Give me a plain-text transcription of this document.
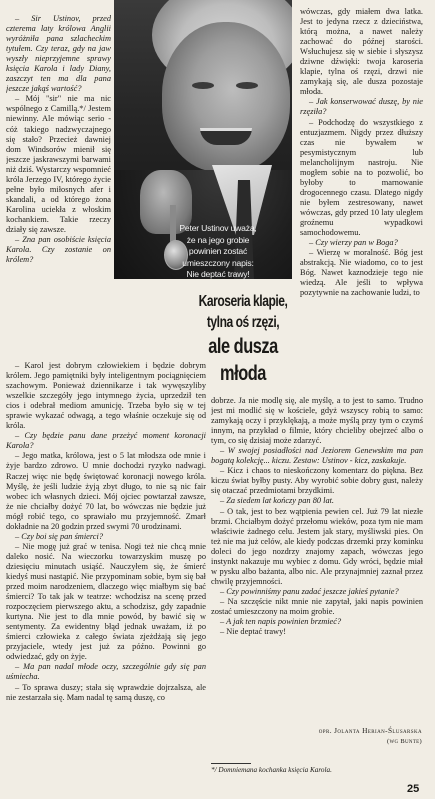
– Sir Ustinov, przed czterema laty królowa Anglii wyróżniła pana szlacheckim tytułem. Czy teraz, gdy na jaw wyszły nieprzyjemne sprawy księcia Karola i lady Diany, zaszczyt ten ma dla pana jeszcze jakąś wartość?

– Mój "sir" nie ma nic wspólnego z Camillą.*/ Jestem niewinny. Ale mówiąc serio - cóż takiego nadzwyczajnego się stało? Przecież dawniej dom Windsorów mienił się jeszcze jaskrawszymi barwami niż dziś. Wystarczy wspomnieć króla Jerzego IV, którego życie pełne było miłosnych afer i skandali, a od którego żona Karolina uciekła z włoskim kochankiem. Takie rzeczy działy się zawsze.

– Zna pan osobiście księcia Karola. Czy zostanie on królem?

Peter Ustinov uważa,
że na jego grobie
powinien zostać
umieszczony napis:
Nie deptać trawy!
Karoseria klapie,
tylna oś rzęzi,
ale dusza młoda

– Karol jest dobrym człowiekiem i będzie dobrym królem. Jego pamiętniki były inteligentnym pociągnięciem szachowym. Ponieważ dziennikarze i tak wywęszyliby wszelkie szczegóły jego intymnego życia, uprzedził ten cios i odebrał mediom amunicję. Trzeba było się w tej sprawie wykazać odwagą, a tego właśnie oczekuje się od króla.

– Czy będzie panu dane przeżyć moment koronacji Karola?

– Jego matka, królowa, jest o 5 lat młodsza ode mnie i żyje bardzo zdrowo. U mnie dochodzi ryzyko nadwagi. Raczej więc nie będę świętować koronacji nowego króla. Myślę, że jeśli ludzie żyją zbyt długo, to nie są nic fair wobec ich własnych dzieci. Mój ojciec powtarzał zawsze, że nie chciałby dożyć 70 lat, bo wówczas nie będzie już mógł robić tego, co sprawiało mu przyjemność. Zmarł dokładnie na 20 godzin przed swymi 70 urodzinami.

– Czy boi się pan śmierci?

– Nie mogę już grać w tenisa. Nogi też nie chcą mnie daleko nosić. Na wieczorku towarzyskim muszę po dziesięciu minutach usiąść. Nauczyłem się, że śmierć kiedyś musi nastąpić. Nie przypominam sobie, bym się bał przed moim narodzeniem, dlaczego więc miałbym się bać śmierci? To tak jak w teatrze: wchodzisz na scenę przed rozpoczęciem pierwszego aktu, a schodzisz, gdy zapadnie kurtyna. Nie jest to dla mnie powód, by bawić się w sentymenty. Za ewidentny błąd jednak uważam, iż po śmierci człowieka z całego świata zjeżdżają się jego przyjaciele, wtedy jest już za późno. Powinni go odwiedzać, gdy on żyje.

– Ma pan nadal młode oczy, szczególnie gdy się pan uśmiecha.

– To sprawa duszy; stała się wprawdzie dojrzalsza, ale nie zestarzała się. Mam nadal tę samą duszę, co

wówczas, gdy miałem dwa latka. Jest to jedyna rzecz z dzieciństwa, którą można, a nawet należy zachować do późnej starości. Wsłuchujesz się w siebie i słyszysz dziwne dźwięki: twoja karoseria klapie, tylna oś rzęzi, drzwi nie zamykają się, ale dusza pozostaje młoda.

– Jak konserwować duszę, by nie rzęziła?

– Podchodzę do wszystkiego z entuzjazmem. Nigdy przez dłuższy czas nie bywałem w pesymistycznym lub melancholijnym nastroju. Nie mogłem sobie na to pozwolić, bo byłoby to marnowanie drogocennego czasu. Dlatego nigdy nie byłem zestresowany, nawet wówczas, gdy przed 10 laty uległem groźnemu wypadkowi samochodowemu.

– Czy wierzy pan w Boga?

– Wierzę w moralność. Bóg jest abstrakcją. Nie wiadomo, co to jest Bóg. Nawet kaznodzieje tego nie wiedzą. Ale jeśli to wpływa pozytywnie na zachowanie ludzi, to

dobrze. Ja nie modlę się, ale myślę, a to jest to samo. Trudno jest mi modlić się w kościele, gdyż wszyscy robią to samo: zamykają oczy i przyklękają, a może myślą przy tym o czymś innym, na przykład o filmie, który chcieliby obejrzeć albo o tym, co się dzisiaj może zdarzyć.

– W swojej posiadłości nad Jeziorem Genewskim ma pan bogatą kolekcję... kiczu. Zestaw: Ustinov - kicz, zaskakuje.

– Kicz i chaos to nieskończony komentarz do piękna. Bez kiczu świat byłby pusty. Aby wyrobić sobie dobry gust, należy się otaczać przedmiotami brzydkimi.

– Za siedem lat kończy pan 80 lat.

– O tak, jest to bez wątpienia pewien cel. Już 79 lat niezłe brzmi. Chciałbym dożyć przełomu wieków, poza tym nie mam właściwie żadnego celu. Jestem jak stary, myśliwski pies. On też nie ma już celów, ale kiedy podczas drzemki przy kominku doleci do jego nozdrzy znajomy zapach, wówczas jego instynkt nakazuje mu wybiec z domu. Gdy wróci, będzie miał w pysku albo bażanta, albo nic. Ale przynajmniej zaznał przez chwilę przyjemności.

– Czy powinniśmy panu zadać jeszcze jakieś pytanie?

– Na szczęście nikt mnie nie zapytał, jaki napis powinien zostać umieszczony na moim grobie.

– A jak ten napis powinien brzmieć?

– Nie deptać trawy!

opr. Jolanta Herian-Ślusarska
(wg Bunte)
*/ Domniemana kochanka księcia Karola.
25
